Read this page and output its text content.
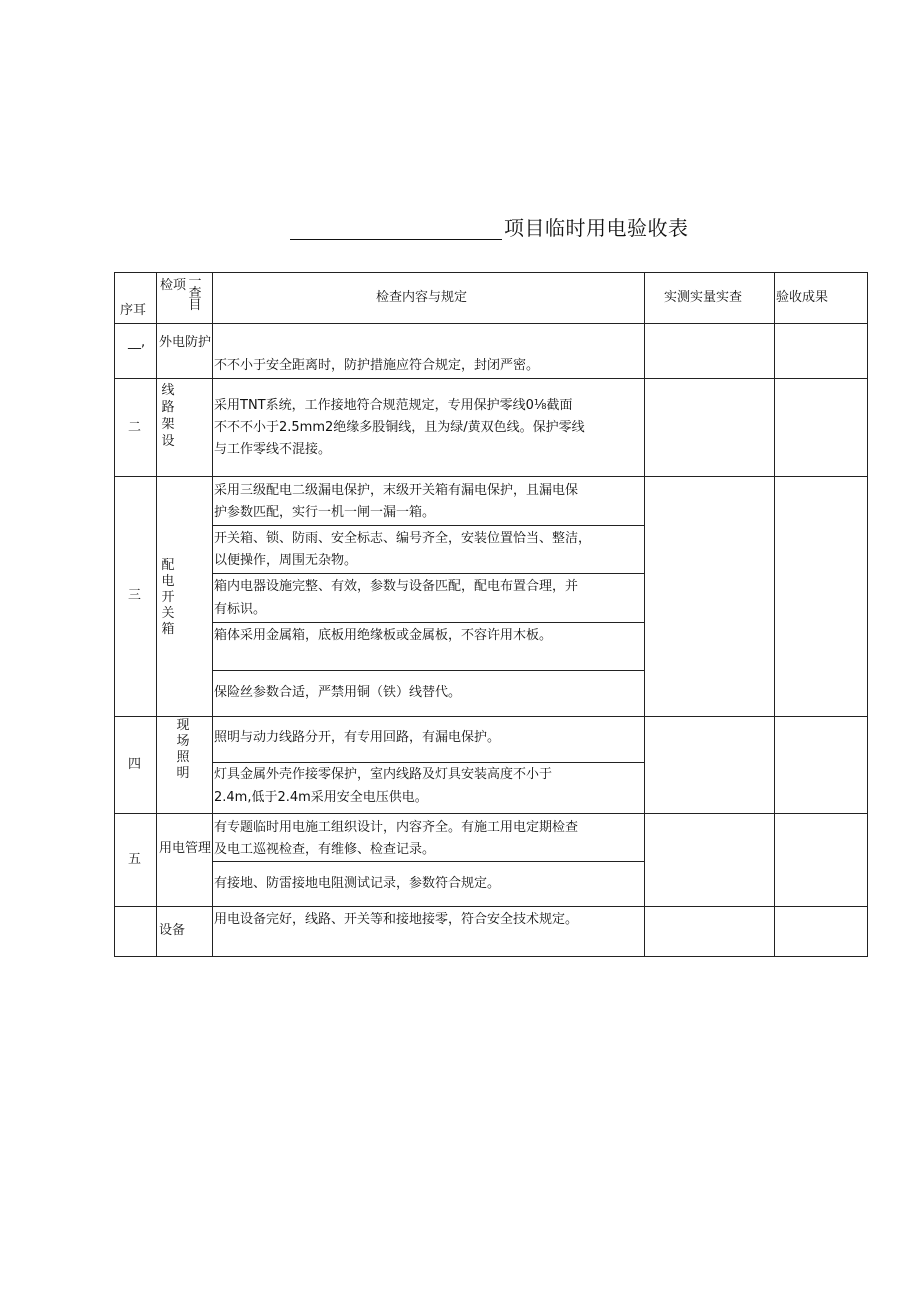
项目临时用电验收表
序耳
检项 一查目
检查内容与规定	实测实量实查	验收成果
__, 外电防护
不不小于安全距离时，防护措施应符合规定，封闭严密。
二
线路架设
采用TNT系统，工作接地符合规范规定，专用保护零线0⅛截面
不不不小于2.5mm2绝缘多股铜线，且为绿/黄双色线。保护零线
与工作零线不混接。
三
配电开关箱
采用三级配电二级漏电保护，末级开关箱有漏电保护，且漏电保
护参数匹配，实行一机一闸一漏一箱。
开关箱、锁、防雨、安全标志、编号齐全，安装位置恰当、整洁，
以便操作，周围无杂物。
箱内电器设施完整、有效，参数与设备匹配，配电布置合理，并
有标识。
箱体采用金属箱，底板用绝缘板或金属板，不容许用木板。
保险丝参数合适，严禁用铜（铁）线替代。
四
现场照明
照明与动力线路分开，有专用回路，有漏电保护。
灯具金属外壳作接零保护，室内线路及灯具安装高度不小于
2.4m,低于2.4m采用安全电压供电。
五
用电管理
有专题临时用电施工组织设计，内容齐全。有施工用电定期检查
及电工巡视检查，有维修、检查记录。
有接地、防雷接地电阻测试记录，参数符合规定。
设备
用电设备完好，线路、开关等和接地接零，符合安全技术规定。
